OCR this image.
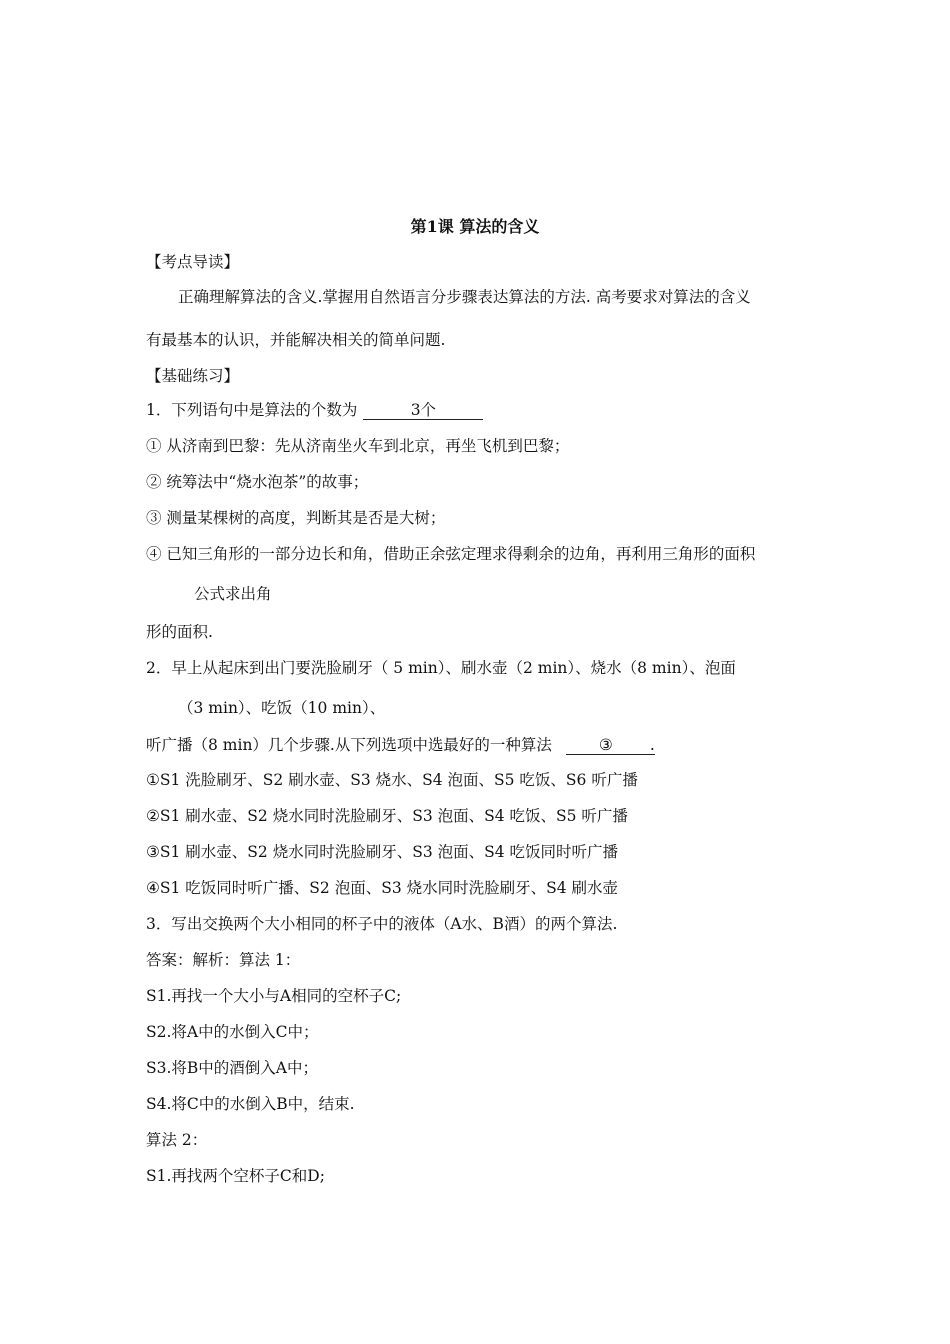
第1课 算法的含义
【考点导读】
正确理解算法的含义.掌握用自然语言分步骤表达算法的方法. 高考要求对算法的含义
有最基本的认识，并能解决相关的简单问题.
【基础练习】
1．下列语句中是算法的个数为	3个
① 从济南到巴黎：先从济南坐火车到北京，再坐飞机到巴黎；
② 统筹法中“烧水泡茶”的故事；
③ 测量某棵树的高度，判断其是否是大树；
④ 已知三角形的一部分边长和角，借助正余弦定理求得剩余的边角，再利用三角形的面积
公式求出角
形的面积.
2．早上从起床到出门要洗脸刷牙（ 5 min）、刷水壶（2 min）、烧水（8 min）、泡面
（3 min）、吃饭（10 min）、
听广播（8 min）几个步骤.从下列选项中选最好的一种算法	③ .
①S1 洗脸刷牙、S2 刷水壶、S3 烧水、S4 泡面、S5 吃饭、S6 听广播
②S1 刷水壶、S2 烧水同时洗脸刷牙、S3 泡面、S4 吃饭、S5 听广播
③S1 刷水壶、S2 烧水同时洗脸刷牙、S3 泡面、S4 吃饭同时听广播
④S1 吃饭同时听广播、S2 泡面、S3 烧水同时洗脸刷牙、S4 刷水壶
3．写出交换两个大小相同的杯子中的液体（A水、B酒）的两个算法.
答案：解析：算法 1：
S1.再找一个大小与A相同的空杯子C;
S2.将A中的水倒入C中；
S3.将B中的酒倒入A中；
S4.将C中的水倒入B中，结束.
算法 2：
S1.再找两个空杯子C和D;
